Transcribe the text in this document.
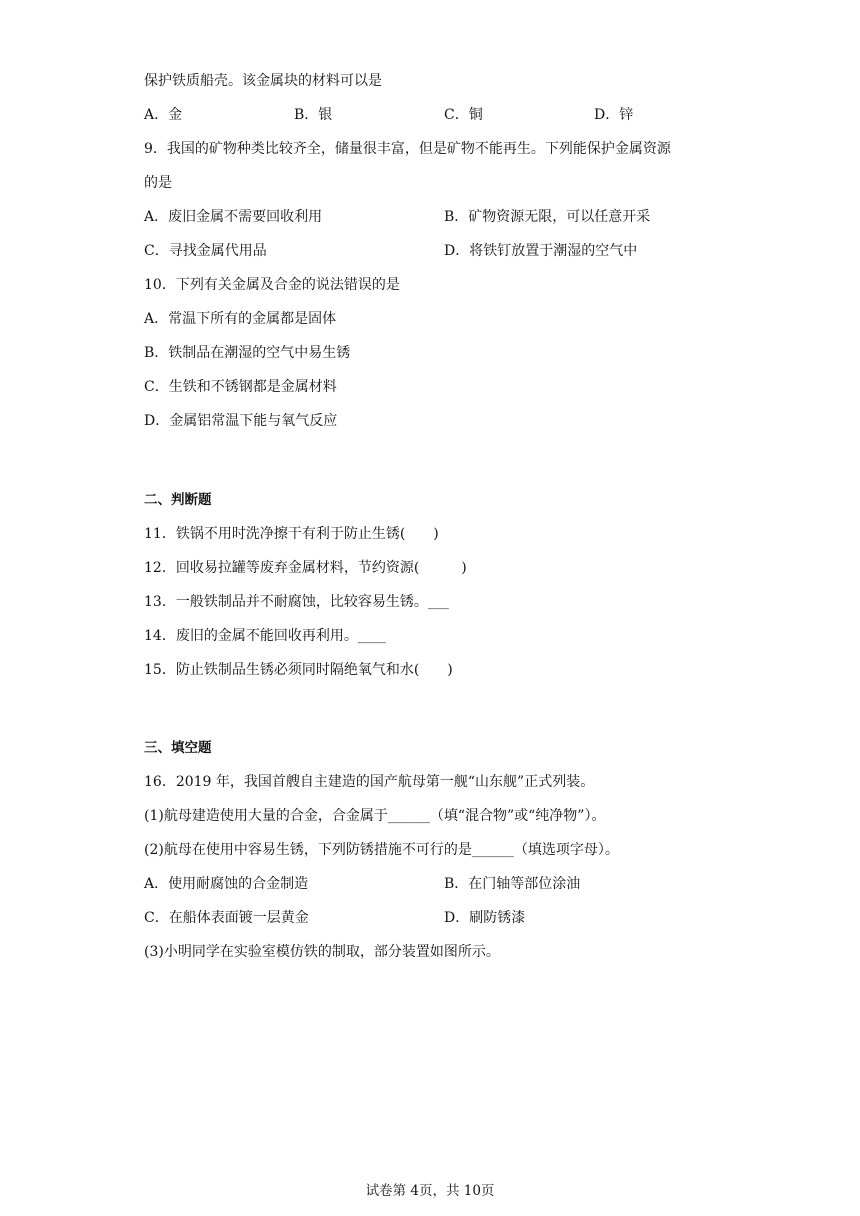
保护铁质船壳。该金属块的材料可以是
A．金	B．银	C．铜	D．锌
9．我国的矿物种类比较齐全，储量很丰富，但是矿物不能再生。下列能保护金属资源
的是
A．废旧金属不需要回收利用	B．矿物资源无限，可以任意开采
C．寻找金属代用品	D．将铁钉放置于潮湿的空气中
10．下列有关金属及合金的说法错误的是
A．常温下所有的金属都是固体
B．铁制品在潮湿的空气中易生锈
C．生铁和不锈钢都是金属材料
D．金属铝常温下能与氧气反应
二、判断题
11．铁锅不用时洗净擦干有利于防止生锈(　　)
12．回收易拉罐等废弃金属材料，节约资源(　　　)
13．一般铁制品并不耐腐蚀，比较容易生锈。___
14．废旧的金属不能回收再利用。____
15．防止铁制品生锈必须同时隔绝氧气和水(　　)
三、填空题
16．2019 年，我国首艘自主建造的国产航母第一舰“山东舰”正式列装。
(1)航母建造使用大量的合金，合金属于______（填“混合物”或“纯净物”）。
(2)航母在使用中容易生锈，下列防锈措施不可行的是______（填选项字母）。
A．使用耐腐蚀的合金制造	B．在门轴等部位涂油
C．在船体表面镀一层黄金	D．刷防锈漆
(3)小明同学在实验室模仿铁的制取，部分装置如图所示。
试卷第 4页，共 10页
